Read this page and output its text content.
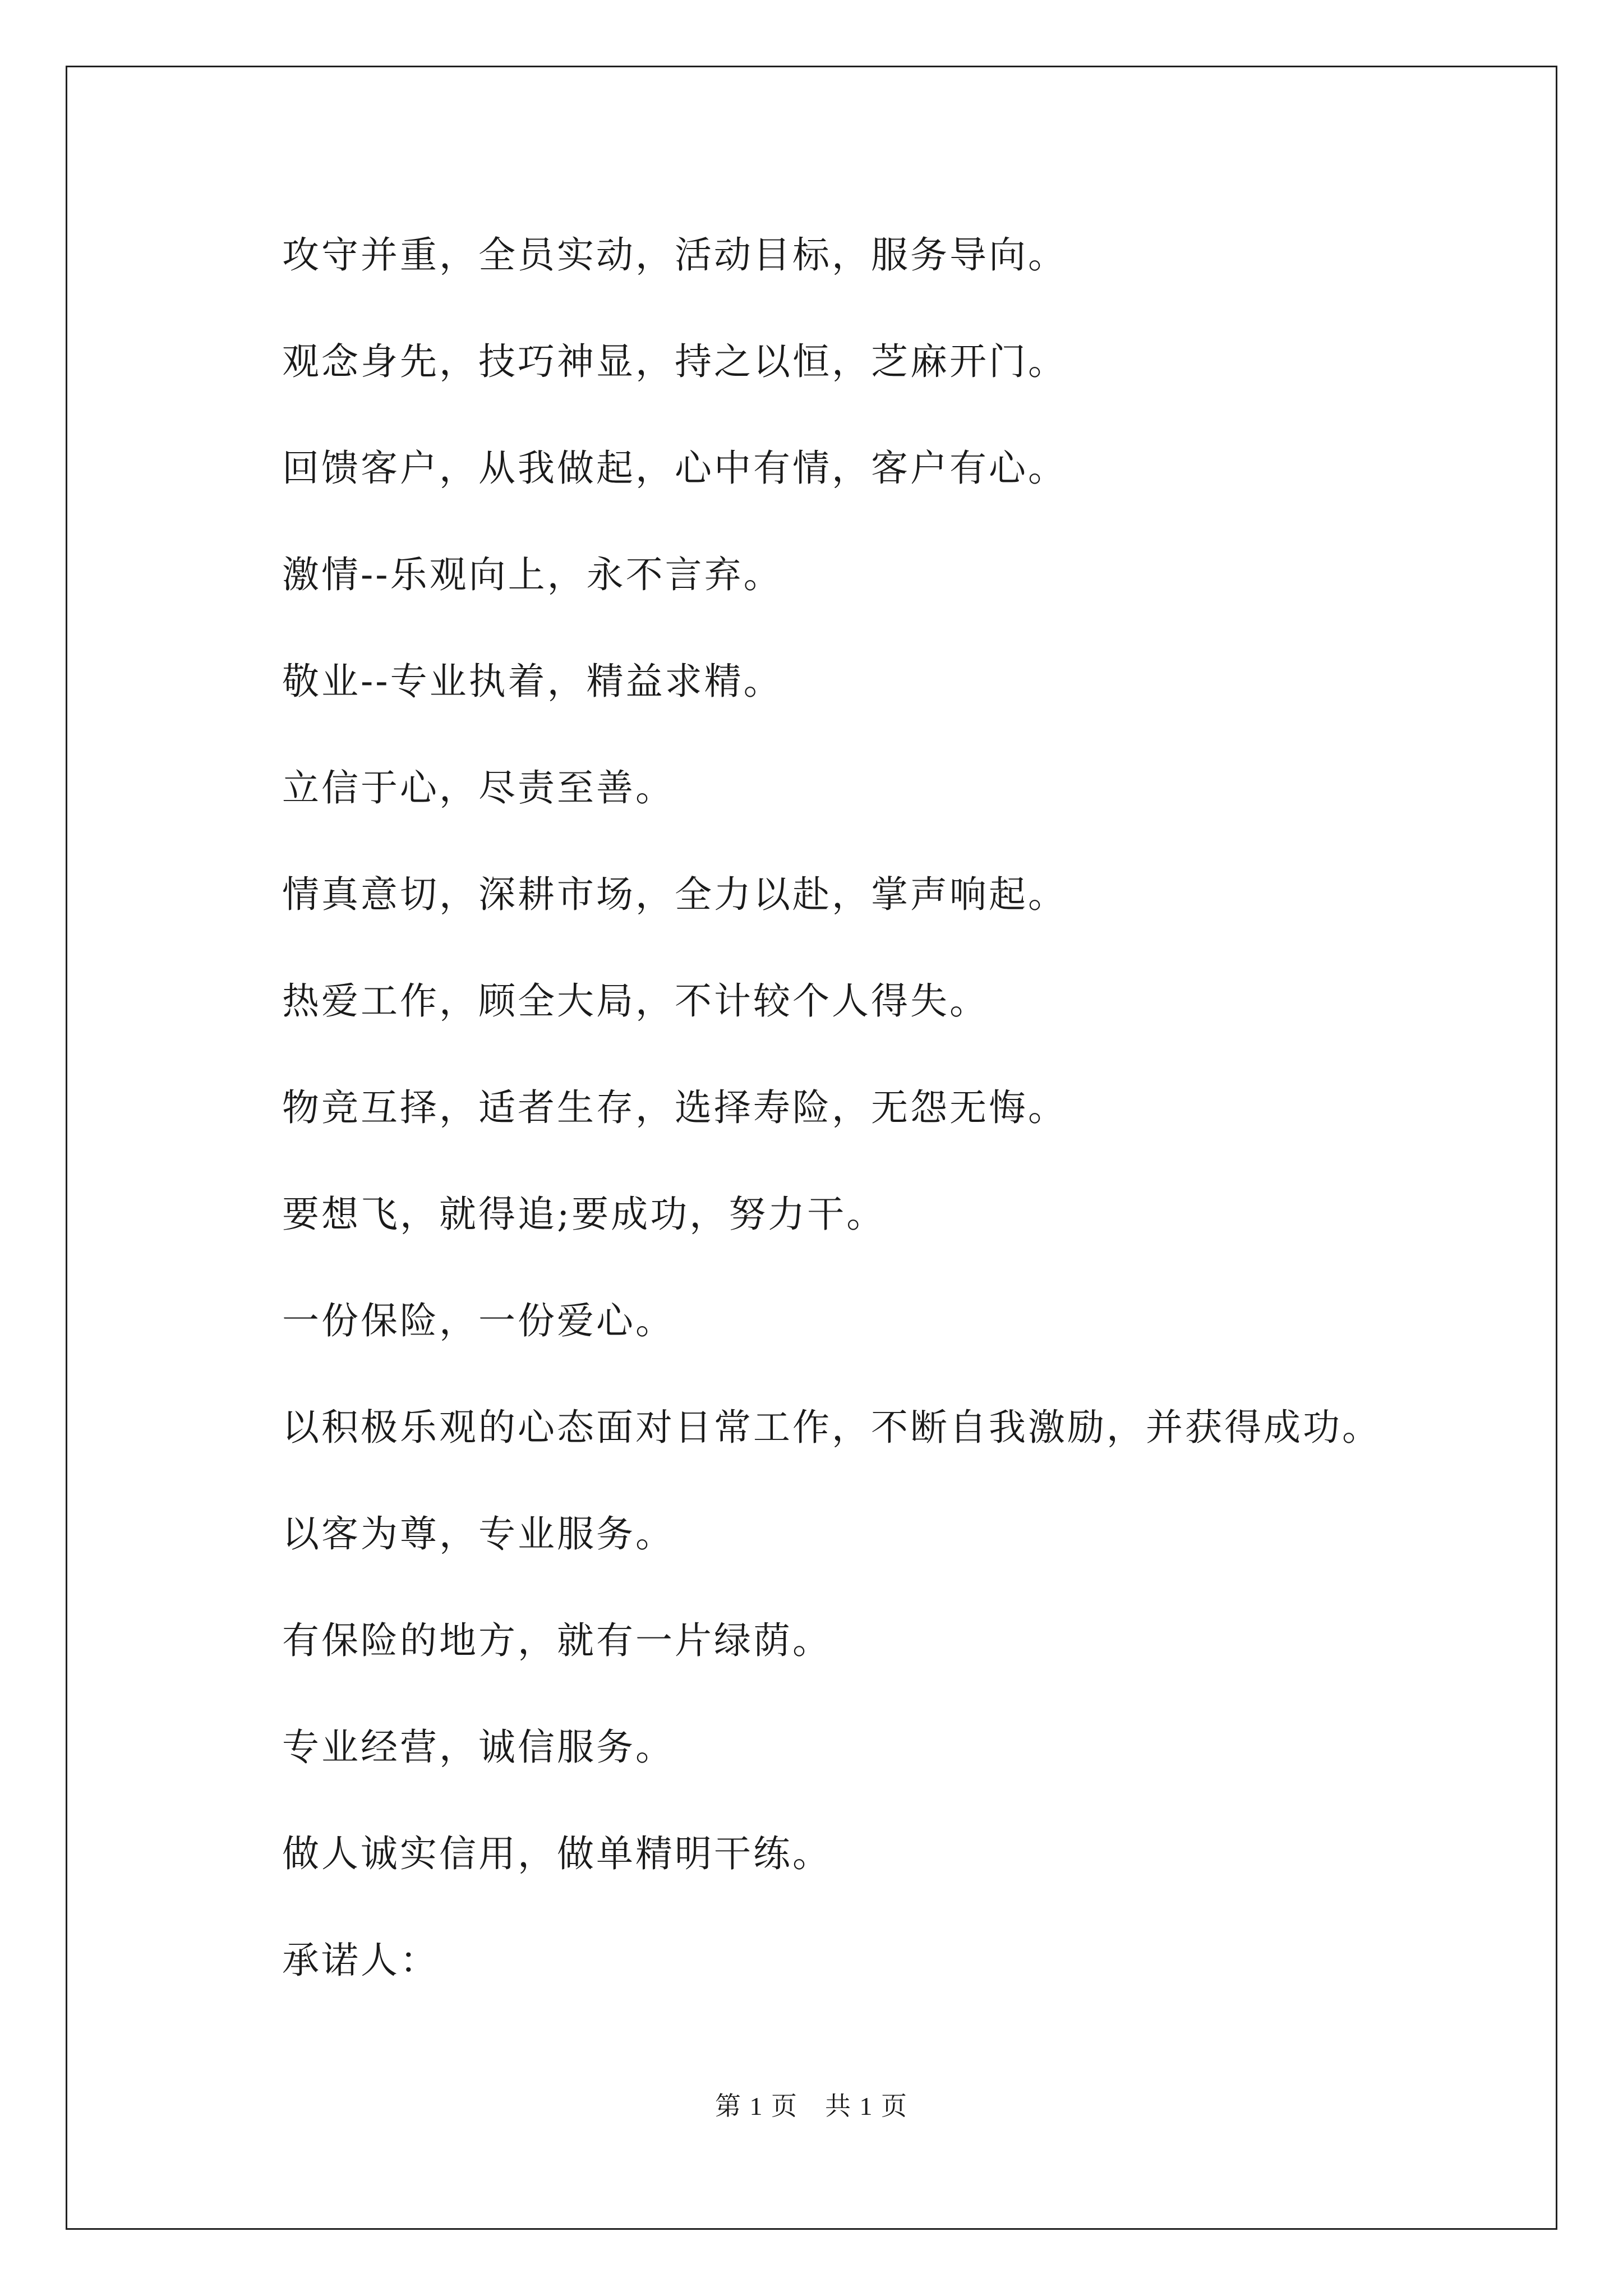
攻守并重，全员实动，活动目标，服务导向。
观念身先，技巧神显，持之以恒，芝麻开门。
回馈客户，从我做起，心中有情，客户有心。
激情--乐观向上，永不言弃。
敬业--专业执着，精益求精。
立信于心，尽责至善。
情真意切，深耕市场，全力以赴，掌声响起。
热爱工作，顾全大局，不计较个人得失。
物竞互择，适者生存，选择寿险，无怨无悔。
要想飞，就得追;要成功，努力干。
一份保险，一份爱心。
以积极乐观的心态面对日常工作，不断自我激励，并获得成功。
以客为尊，专业服务。
有保险的地方，就有一片绿荫。
专业经营，诚信服务。
做人诚实信用，做单精明干练。
承诺人：
第 1 页　共 1 页
